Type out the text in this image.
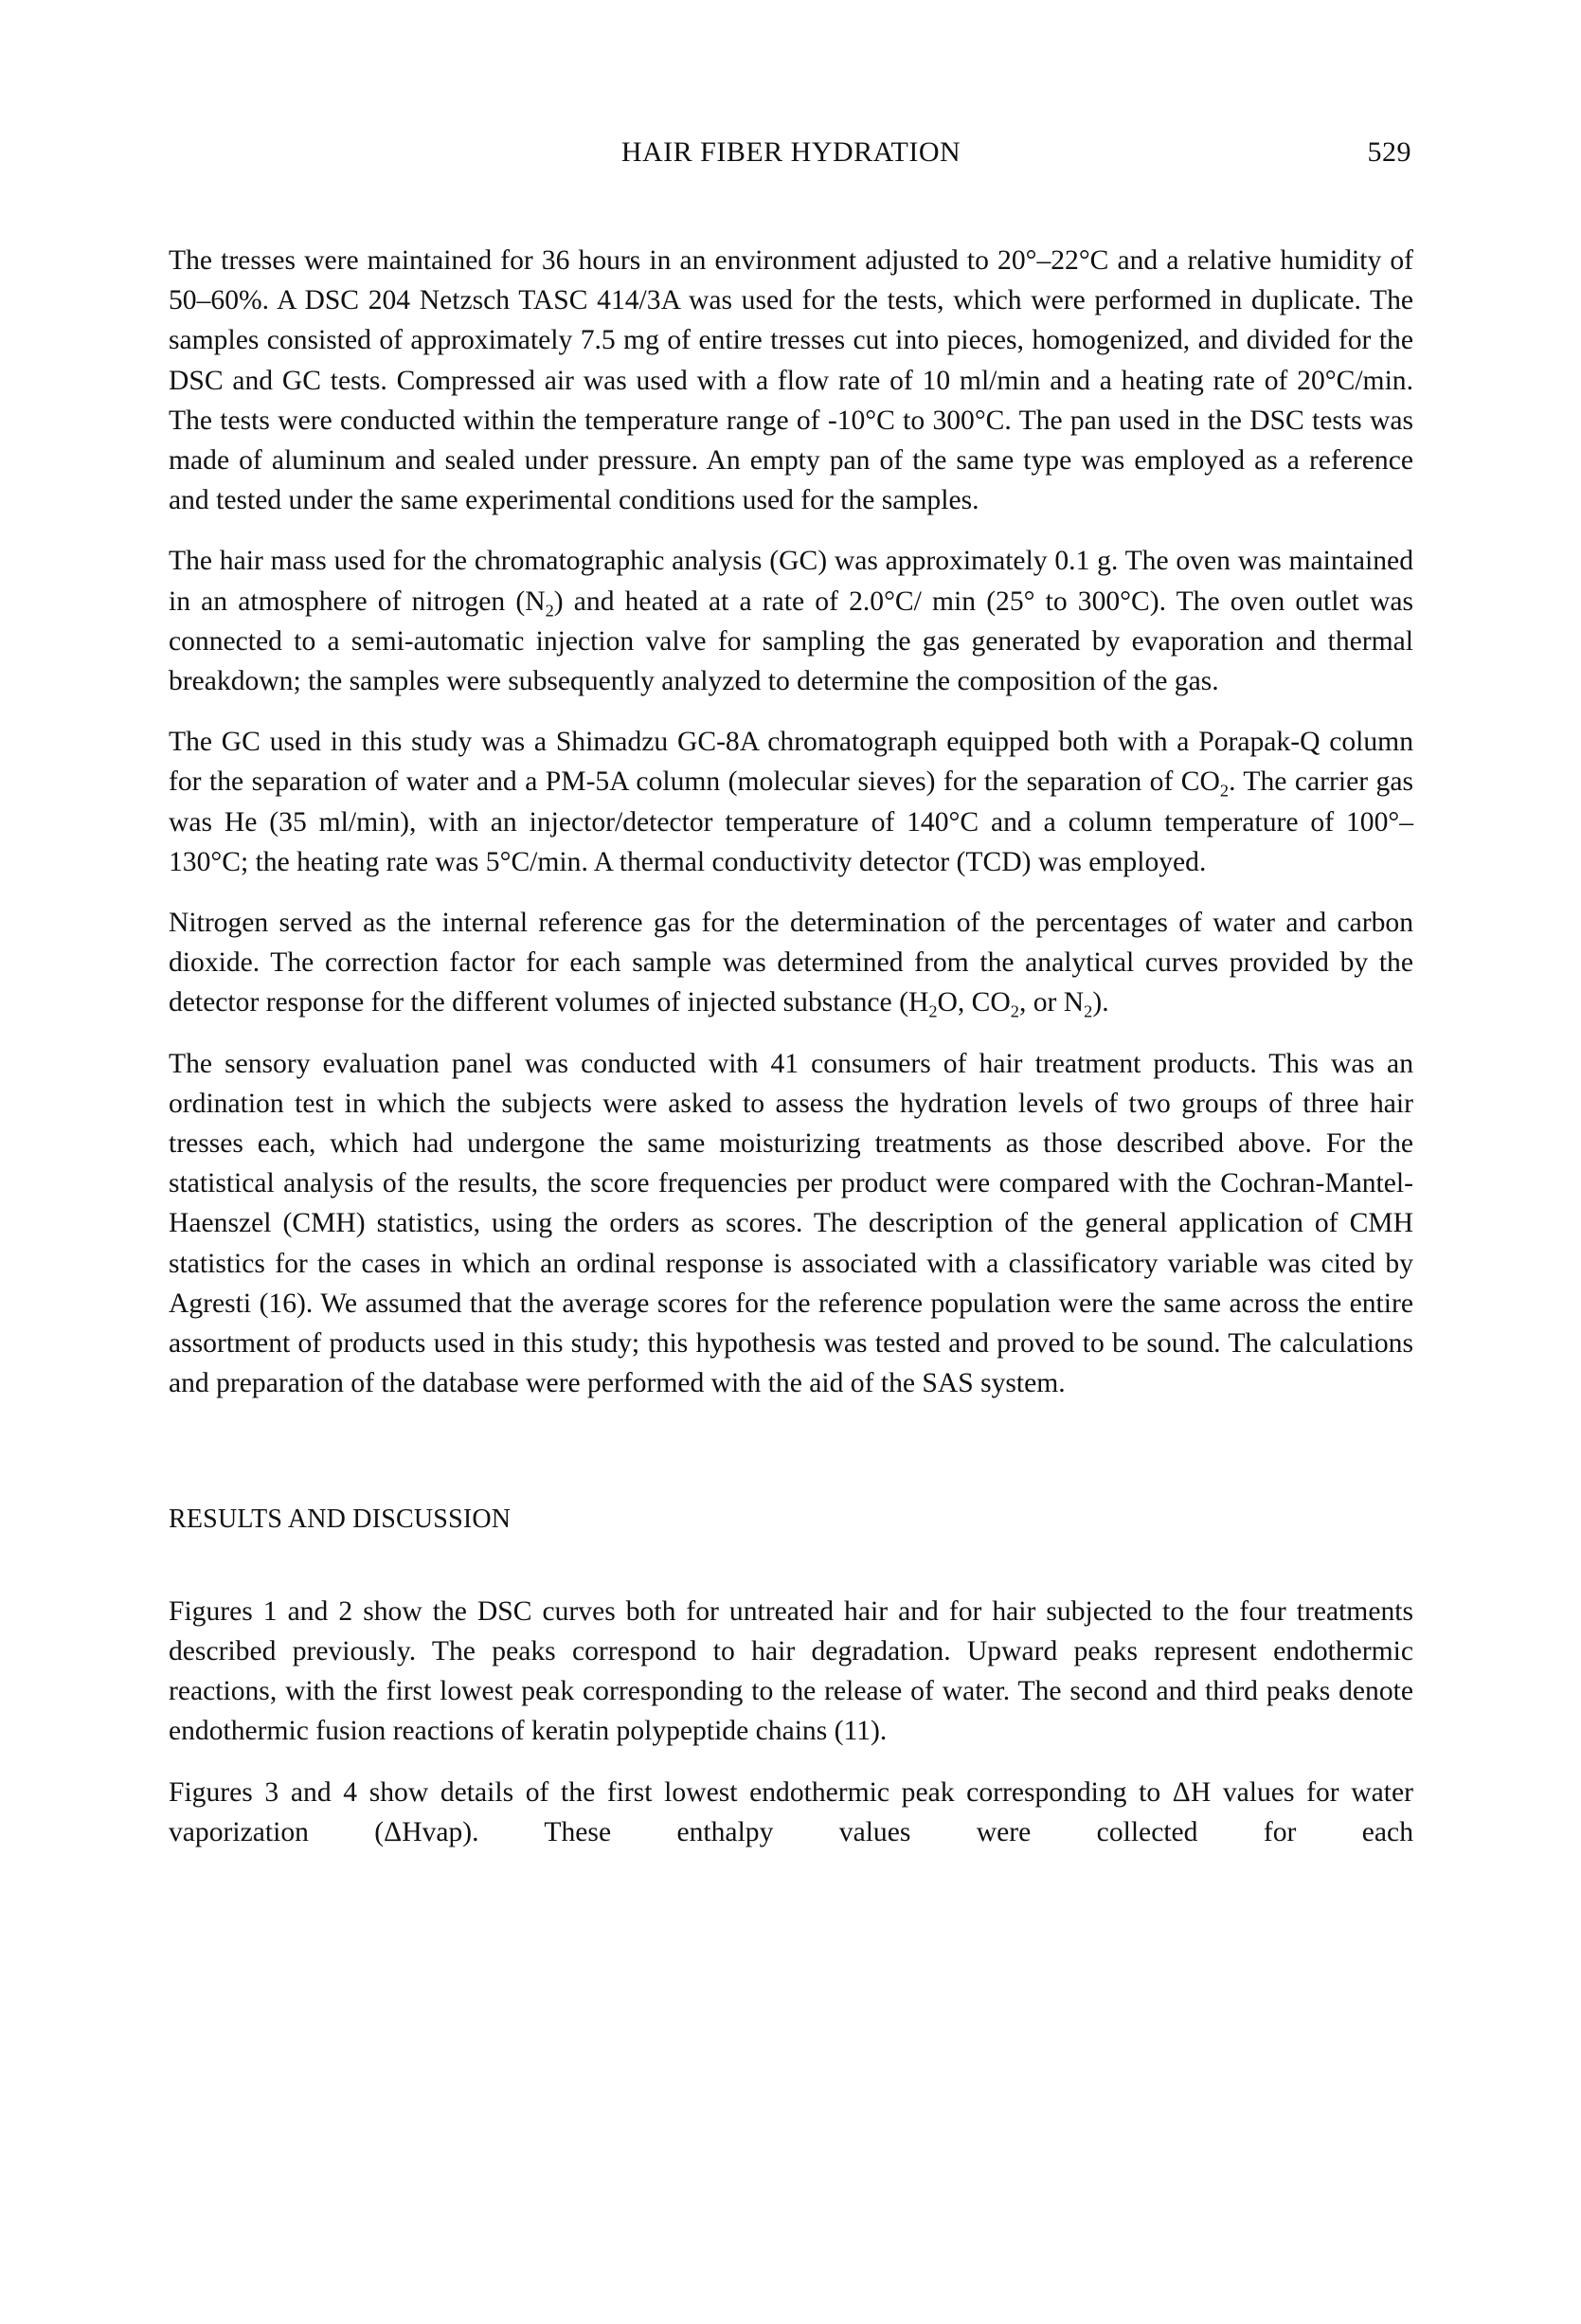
HAIR FIBER HYDRATION	529

The tresses were maintained for 36 hours in an environment adjusted to 20°–22°C and a relative humidity of 50–60%. A DSC 204 Netzsch TASC 414/3A was used for the tests, which were performed in duplicate. The samples consisted of approximately 7.5 mg of entire tresses cut into pieces, homogenized, and divided for the DSC and GC tests. Compressed air was used with a flow rate of 10 ml/min and a heating rate of 20°C/min. The tests were conducted within the temperature range of -10°C to 300°C. The pan used in the DSC tests was made of aluminum and sealed under pressure. An empty pan of the same type was employed as a reference and tested under the same experimental conditions used for the samples.

The hair mass used for the chromatographic analysis (GC) was approximately 0.1 g. The oven was maintained in an atmosphere of nitrogen $(N_2)$ and heated at a rate of 2.0°C/ min (25° to 300°C). The oven outlet was connected to a semi-automatic injection valve for sampling the gas generated by evaporation and thermal breakdown; the samples were subsequently analyzed to determine the composition of the gas.

The GC used in this study was a Shimadzu GC-8A chromatograph equipped both with a Porapak-Q column for the separation of water and a PM-5A column (molecular sieves) for the separation of $CO_2$. The carrier gas was He (35 ml/min), with an injector/detector temperature of 140°C and a column temperature of 100°–130°C; the heating rate was 5°C/min. A thermal conductivity detector (TCD) was employed.

Nitrogen served as the internal reference gas for the determination of the percentages of water and carbon dioxide. The correction factor for each sample was determined from the analytical curves provided by the detector response for the different volumes of injected substance ($H_2O$, $CO_2$, or $N_2$).

The sensory evaluation panel was conducted with 41 consumers of hair treatment products. This was an ordination test in which the subjects were asked to assess the hydration levels of two groups of three hair tresses each, which had undergone the same moisturizing treatments as those described above. For the statistical analysis of the results, the score frequencies per product were compared with the Cochran-Mantel-Haenszel (CMH) statistics, using the orders as scores. The description of the general application of CMH statistics for the cases in which an ordinal response is associated with a classificatory variable was cited by Agresti (16). We assumed that the average scores for the reference population were the same across the entire assortment of products used in this study; this hypothesis was tested and proved to be sound. The calculations and preparation of the database were performed with the aid of the SAS system.

RESULTS AND DISCUSSION

Figures 1 and 2 show the DSC curves both for untreated hair and for hair subjected to the four treatments described previously. The peaks correspond to hair degradation. Upward peaks represent endothermic reactions, with the first lowest peak corresponding to the release of water. The second and third peaks denote endothermic fusion reactions of keratin polypeptide chains (11).

Figures 3 and 4 show details of the first lowest endothermic peak corresponding to ΔH values for water vaporization (ΔHvap). These enthalpy values were collected for each
